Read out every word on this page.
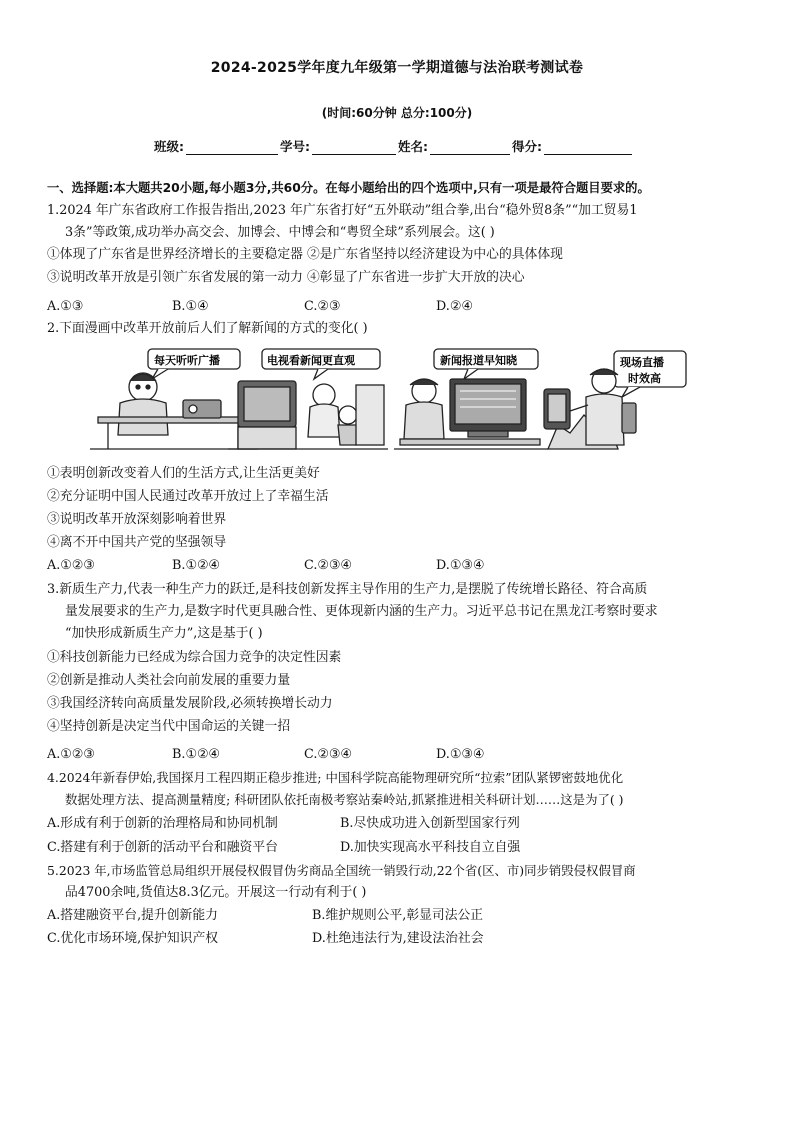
2024-2025学年度九年级第一学期道德与法治联考测试卷
(时间:60分钟 总分:100分)
班级:	学号:	姓名:	得分:
一、选择题:本大题共20小题,每小题3分,共60分。在每小题给出的四个选项中,只有一项是最符合题目要求的。
1.2024 年广东省政府工作报告指出,2023 年广东省打好“五外联动”组合拳,出台“稳外贸8条”“加工贸易1
3条”等政策,成功举办高交会、加博会、中博会和“粤贸全球”系列展会。这( )
①体现了广东省是世界经济增长的主要稳定器 ②是广东省坚持以经济建设为中心的具体体现
③说明改革开放是引领广东省发展的第一动力 ④彰显了广东省进一步扩大开放的决心
A.①③	B.①④	C.②③	D.②④
2.下面漫画中改革开放前后人们了解新闻的方式的变化( )
每天听听广播	电视看新闻更直观	新闻报道早知晓	现场直播
时效高
①表明创新改变着人们的生活方式,让生活更美好
②充分证明中国人民通过改革开放过上了幸福生活
③说明改革开放深刻影响着世界
④离不开中国共产党的坚强领导
A.①②③	B.①②④	C.②③④	D.①③④
3.新质生产力,代表一种生产力的跃迁,是科技创新发挥主导作用的生产力,是摆脱了传统增长路径、符合高质
量发展要求的生产力,是数字时代更具融合性、更体现新内涵的生产力。习近平总书记在黑龙江考察时要求
“加快形成新质生产力”,这是基于( )
①科技创新能力已经成为综合国力竞争的决定性因素
②创新是推动人类社会向前发展的重要力量
③我国经济转向高质量发展阶段,必须转换增长动力
④坚持创新是决定当代中国命运的关键一招
A.①②③	B.①②④	C.②③④	D.①③④
4.2024年新春伊始,我国探月工程四期正稳步推进; 中国科学院高能物理研究所“拉索”团队紧锣密鼓地优化
数据处理方法、提高测量精度; 科研团队依托南极考察站秦岭站,抓紧推进相关科研计划……这是为了( )
A.形成有利于创新的治理格局和协同机制	B.尽快成功进入创新型国家行列
C.搭建有利于创新的活动平台和融资平台	D.加快实现高水平科技自立自强
5.2023 年,市场监管总局组织开展侵权假冒伪劣商品全国统一销毁行动,22个省(区、市)同步销毁侵权假冒商
品4700余吨,货值达8.3亿元。开展这一行动有利于( )
A.搭建融资平台,提升创新能力	B.维护规则公平,彰显司法公正
C.优化市场环境,保护知识产权	D.杜绝违法行为,建设法治社会
